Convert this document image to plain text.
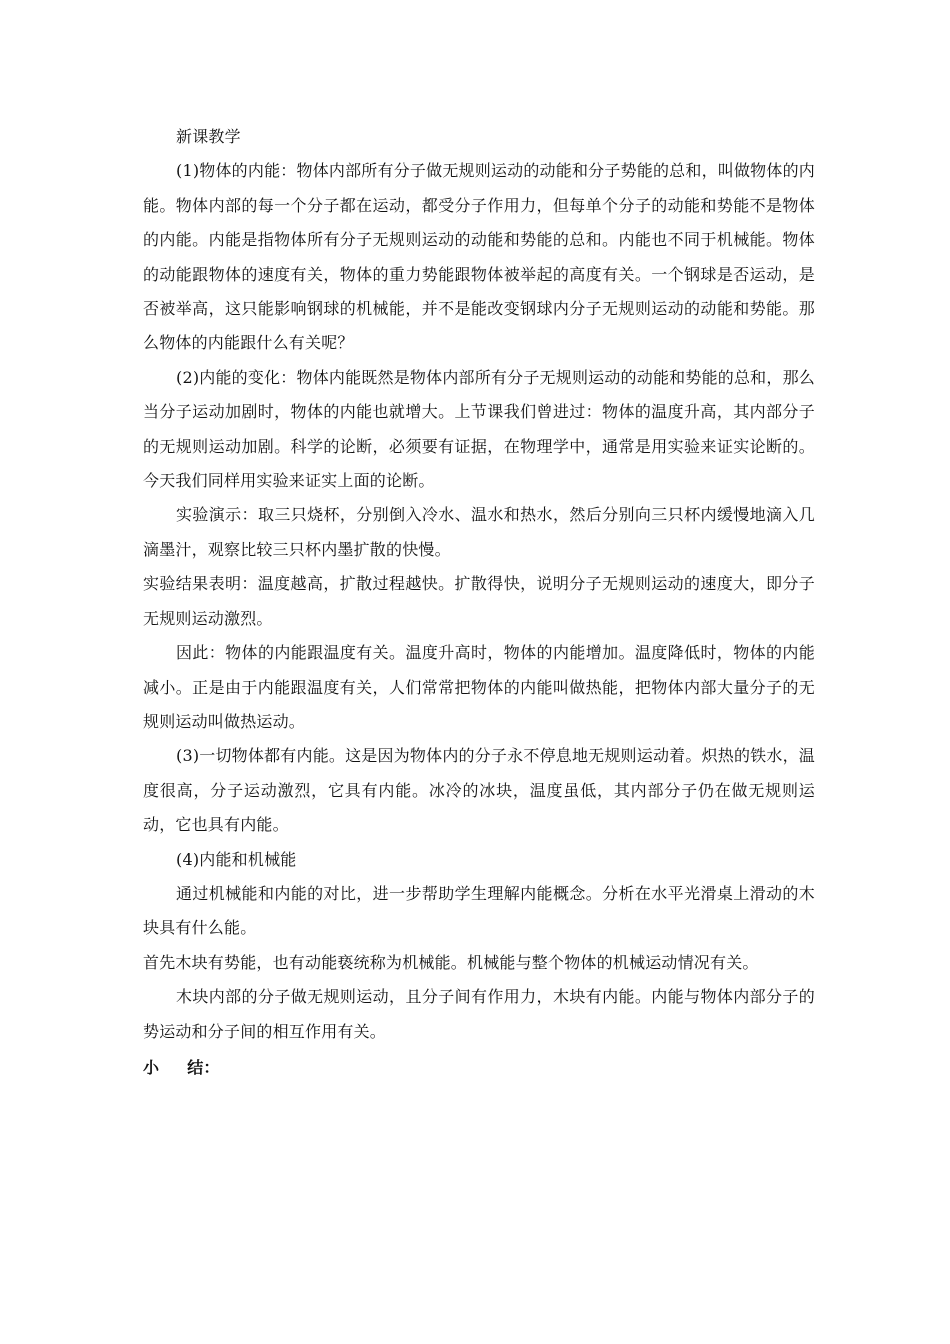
新课教学

(1)物体的内能：物体内部所有分子做无规则运动的动能和分子势能的总和，叫做物体的内能。物体内部的每一个分子都在运动，都受分子作用力，但每单个分子的动能和势能不是物体的内能。内能是指物体所有分子无规则运动的动能和势能的总和。内能也不同于机械能。物体的动能跟物体的速度有关，物体的重力势能跟物体被举起的高度有关。一个钢球是否运动，是否被举高，这只能影响钢球的机械能，并不是能改变钢球内分子无规则运动的动能和势能。那么物体的内能跟什么有关呢？

(2)内能的变化：物体内能既然是物体内部所有分子无规则运动的动能和势能的总和，那么当分子运动加剧时，物体的内能也就增大。上节课我们曾进过：物体的温度升高，其内部分子的无规则运动加剧。科学的论断，必须要有证据，在物理学中，通常是用实验来证实论断的。今天我们同样用实验来证实上面的论断。

实验演示：取三只烧杯，分别倒入冷水、温水和热水，然后分别向三只杯内缓慢地滴入几滴墨汁，观察比较三只杯内墨扩散的快慢。

实验结果表明：温度越高，扩散过程越快。扩散得快，说明分子无规则运动的速度大，即分子无规则运动激烈。

因此：物体的内能跟温度有关。温度升高时，物体的内能增加。温度降低时，物体的内能减小。正是由于内能跟温度有关，人们常常把物体的内能叫做热能，把物体内部大量分子的无规则运动叫做热运动。

(3)一切物体都有内能。这是因为物体内的分子永不停息地无规则运动着。炽热的铁水，温度很高，分子运动激烈，它具有内能。冰冷的冰块，温度虽低，其内部分子仍在做无规则运动，它也具有内能。

(4)内能和机械能

通过机械能和内能的对比，进一步帮助学生理解内能概念。分析在水平光滑桌上滑动的木块具有什么能。

首先木块有势能，也有动能亵统称为机械能。机械能与整个物体的机械运动情况有关。

木块内部的分子做无规则运动，且分子间有作用力，木块有内能。内能与物体内部分子的势运动和分子间的相互作用有关。

小 结：
